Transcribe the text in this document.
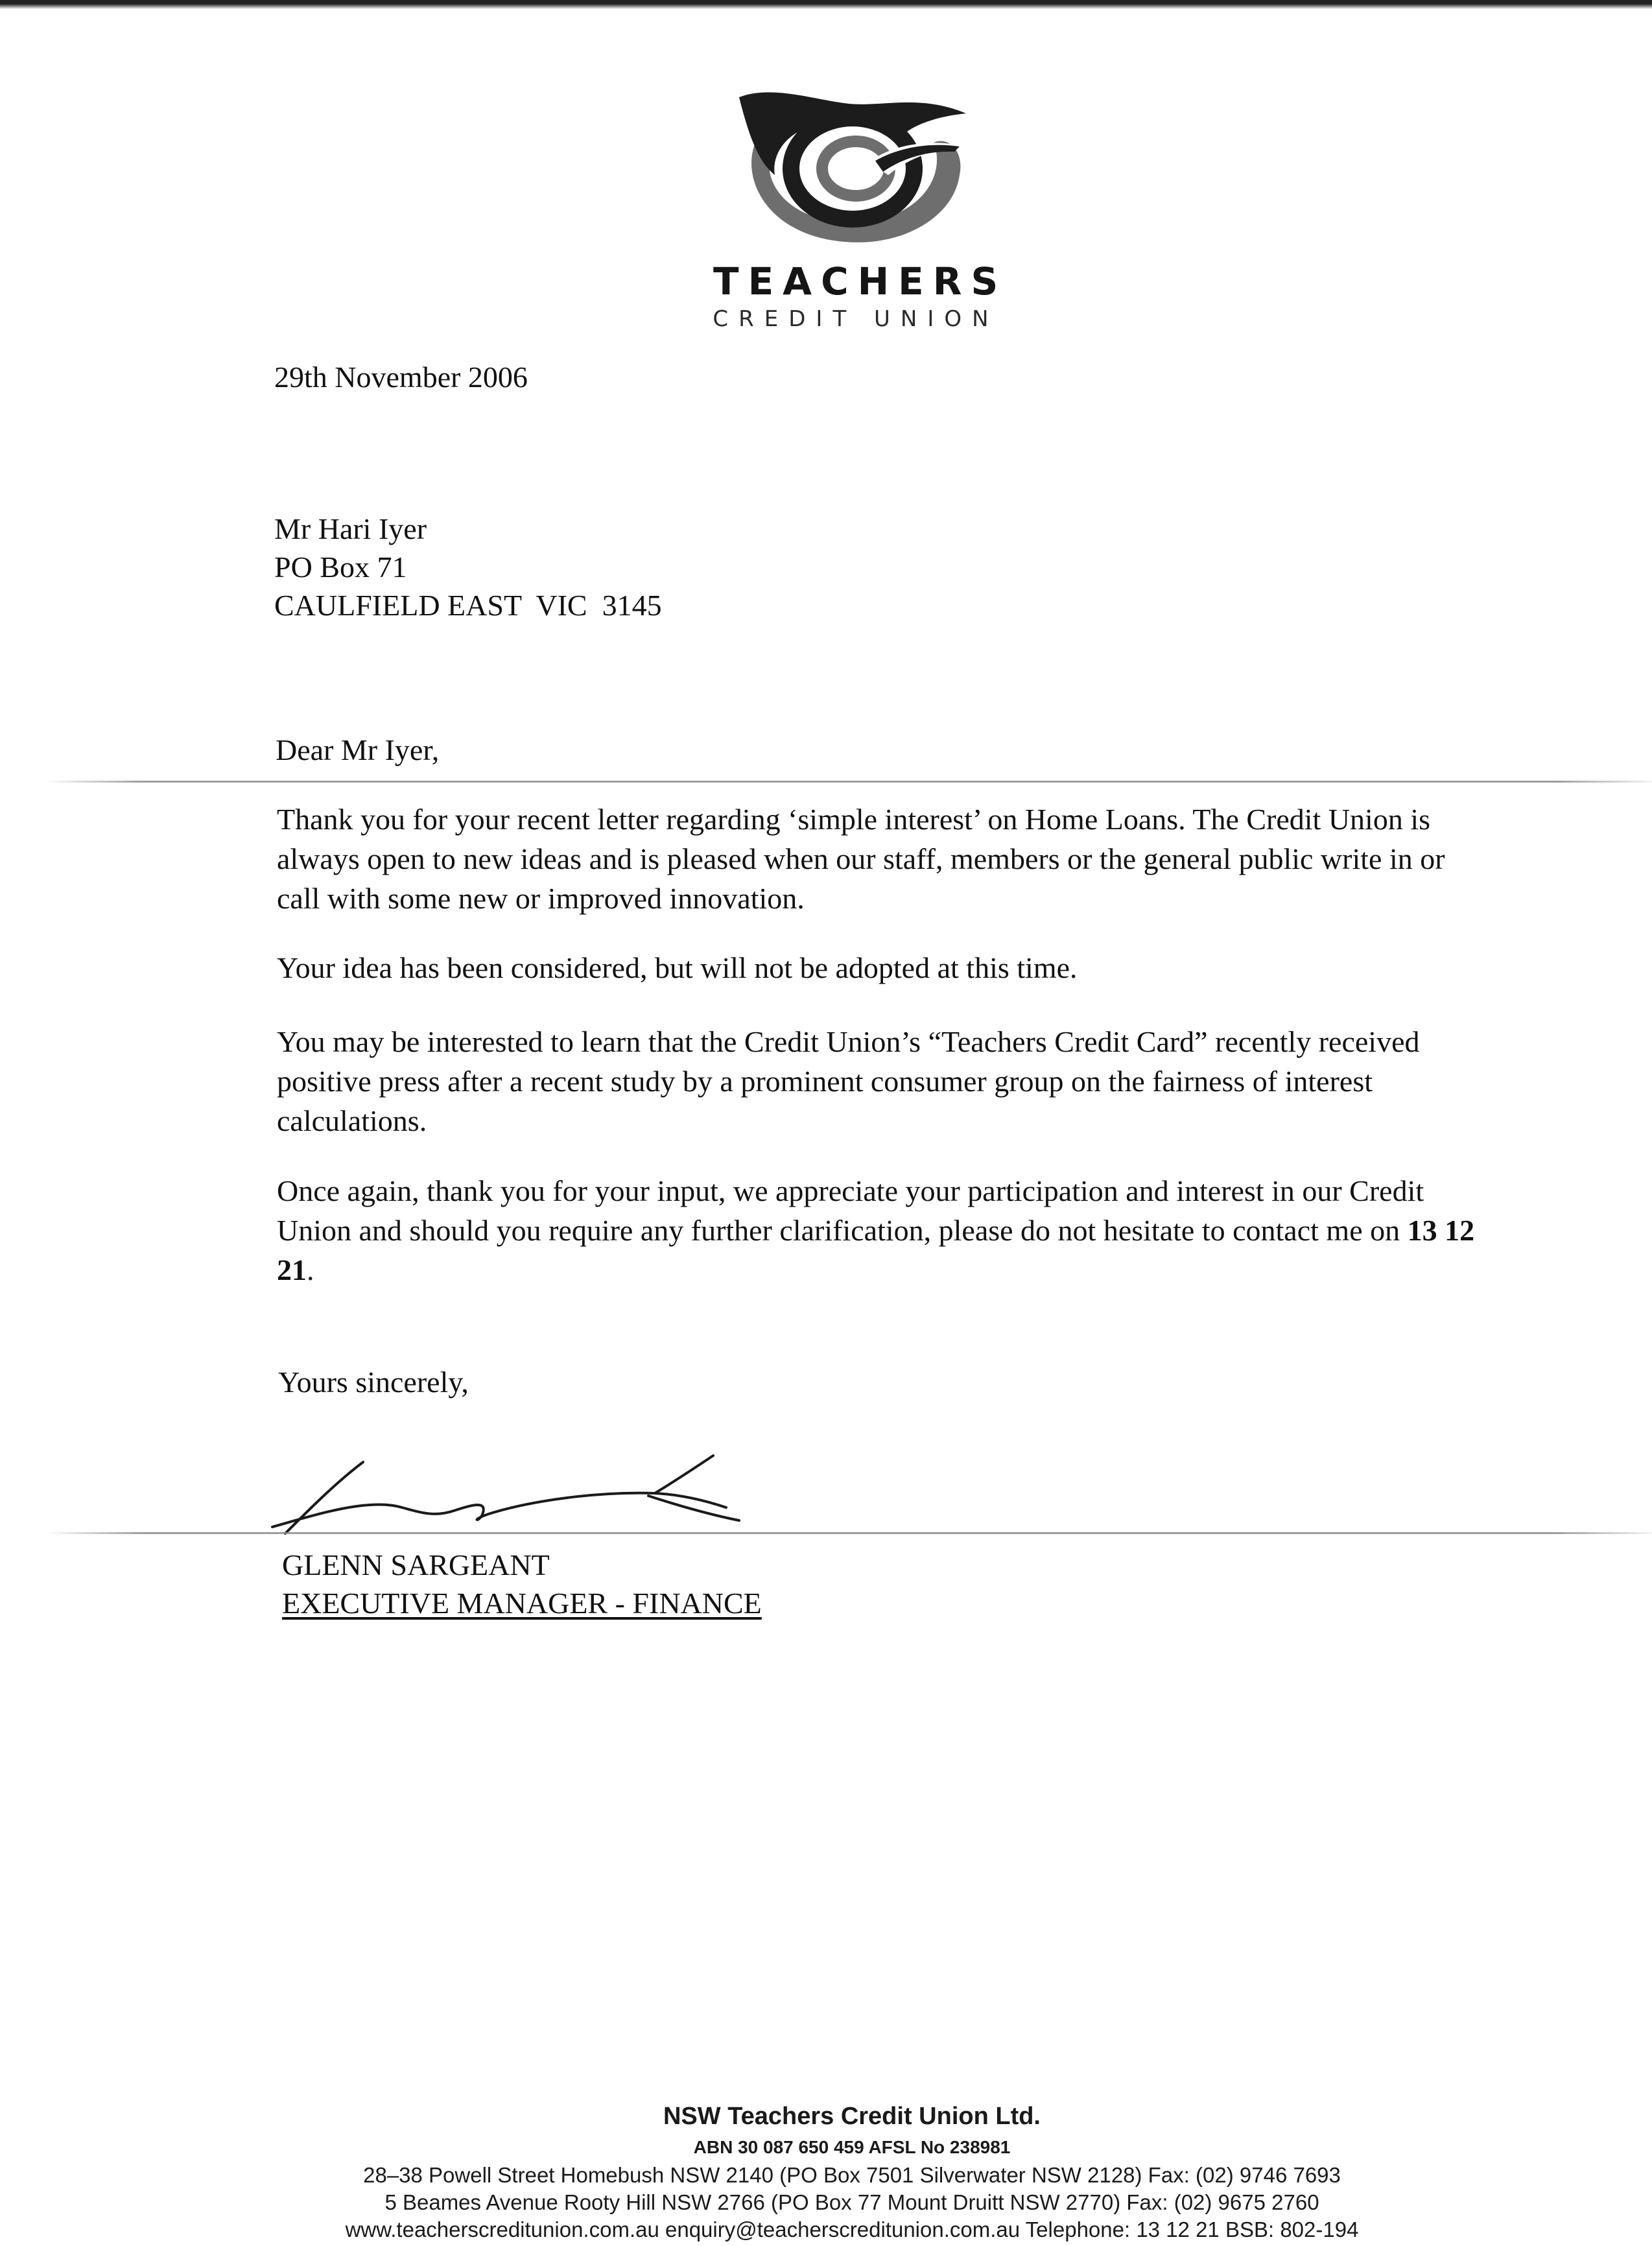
TEACHERS
CREDIT UNION
29th November 2006
Mr Hari Iyer
PO Box 71
CAULFIELD EAST  VIC  3145
Dear Mr Iyer,

Thank you for your recent letter regarding ‘simple interest’ on Home Loans. The Credit Union is always open to new ideas and is pleased when our staff, members or the general public write in or call with some new or improved innovation.

Your idea has been considered, but will not be adopted at this time.

You may be interested to learn that the Credit Union’s “Teachers Credit Card” recently received positive press after a recent study by a prominent consumer group on the fairness of interest calculations.

Once again, thank you for your input, we appreciate your participation and interest in our Credit Union and should you require any further clarification, please do not hesitate to contact me on 13 12 21.

Yours sincerely,
GLENN SARGEANT
EXECUTIVE MANAGER - FINANCE
NSW Teachers Credit Union Ltd.
ABN 30 087 650 459 AFSL No 238981
28–38 Powell Street Homebush NSW 2140 (PO Box 7501 Silverwater NSW 2128) Fax: (02) 9746 7693
5 Beames Avenue Rooty Hill NSW 2766 (PO Box 77 Mount Druitt NSW 2770) Fax: (02) 9675 2760
www.teacherscreditunion.com.au enquiry@teacherscreditunion.com.au Telephone: 13 12 21 BSB: 802-194
